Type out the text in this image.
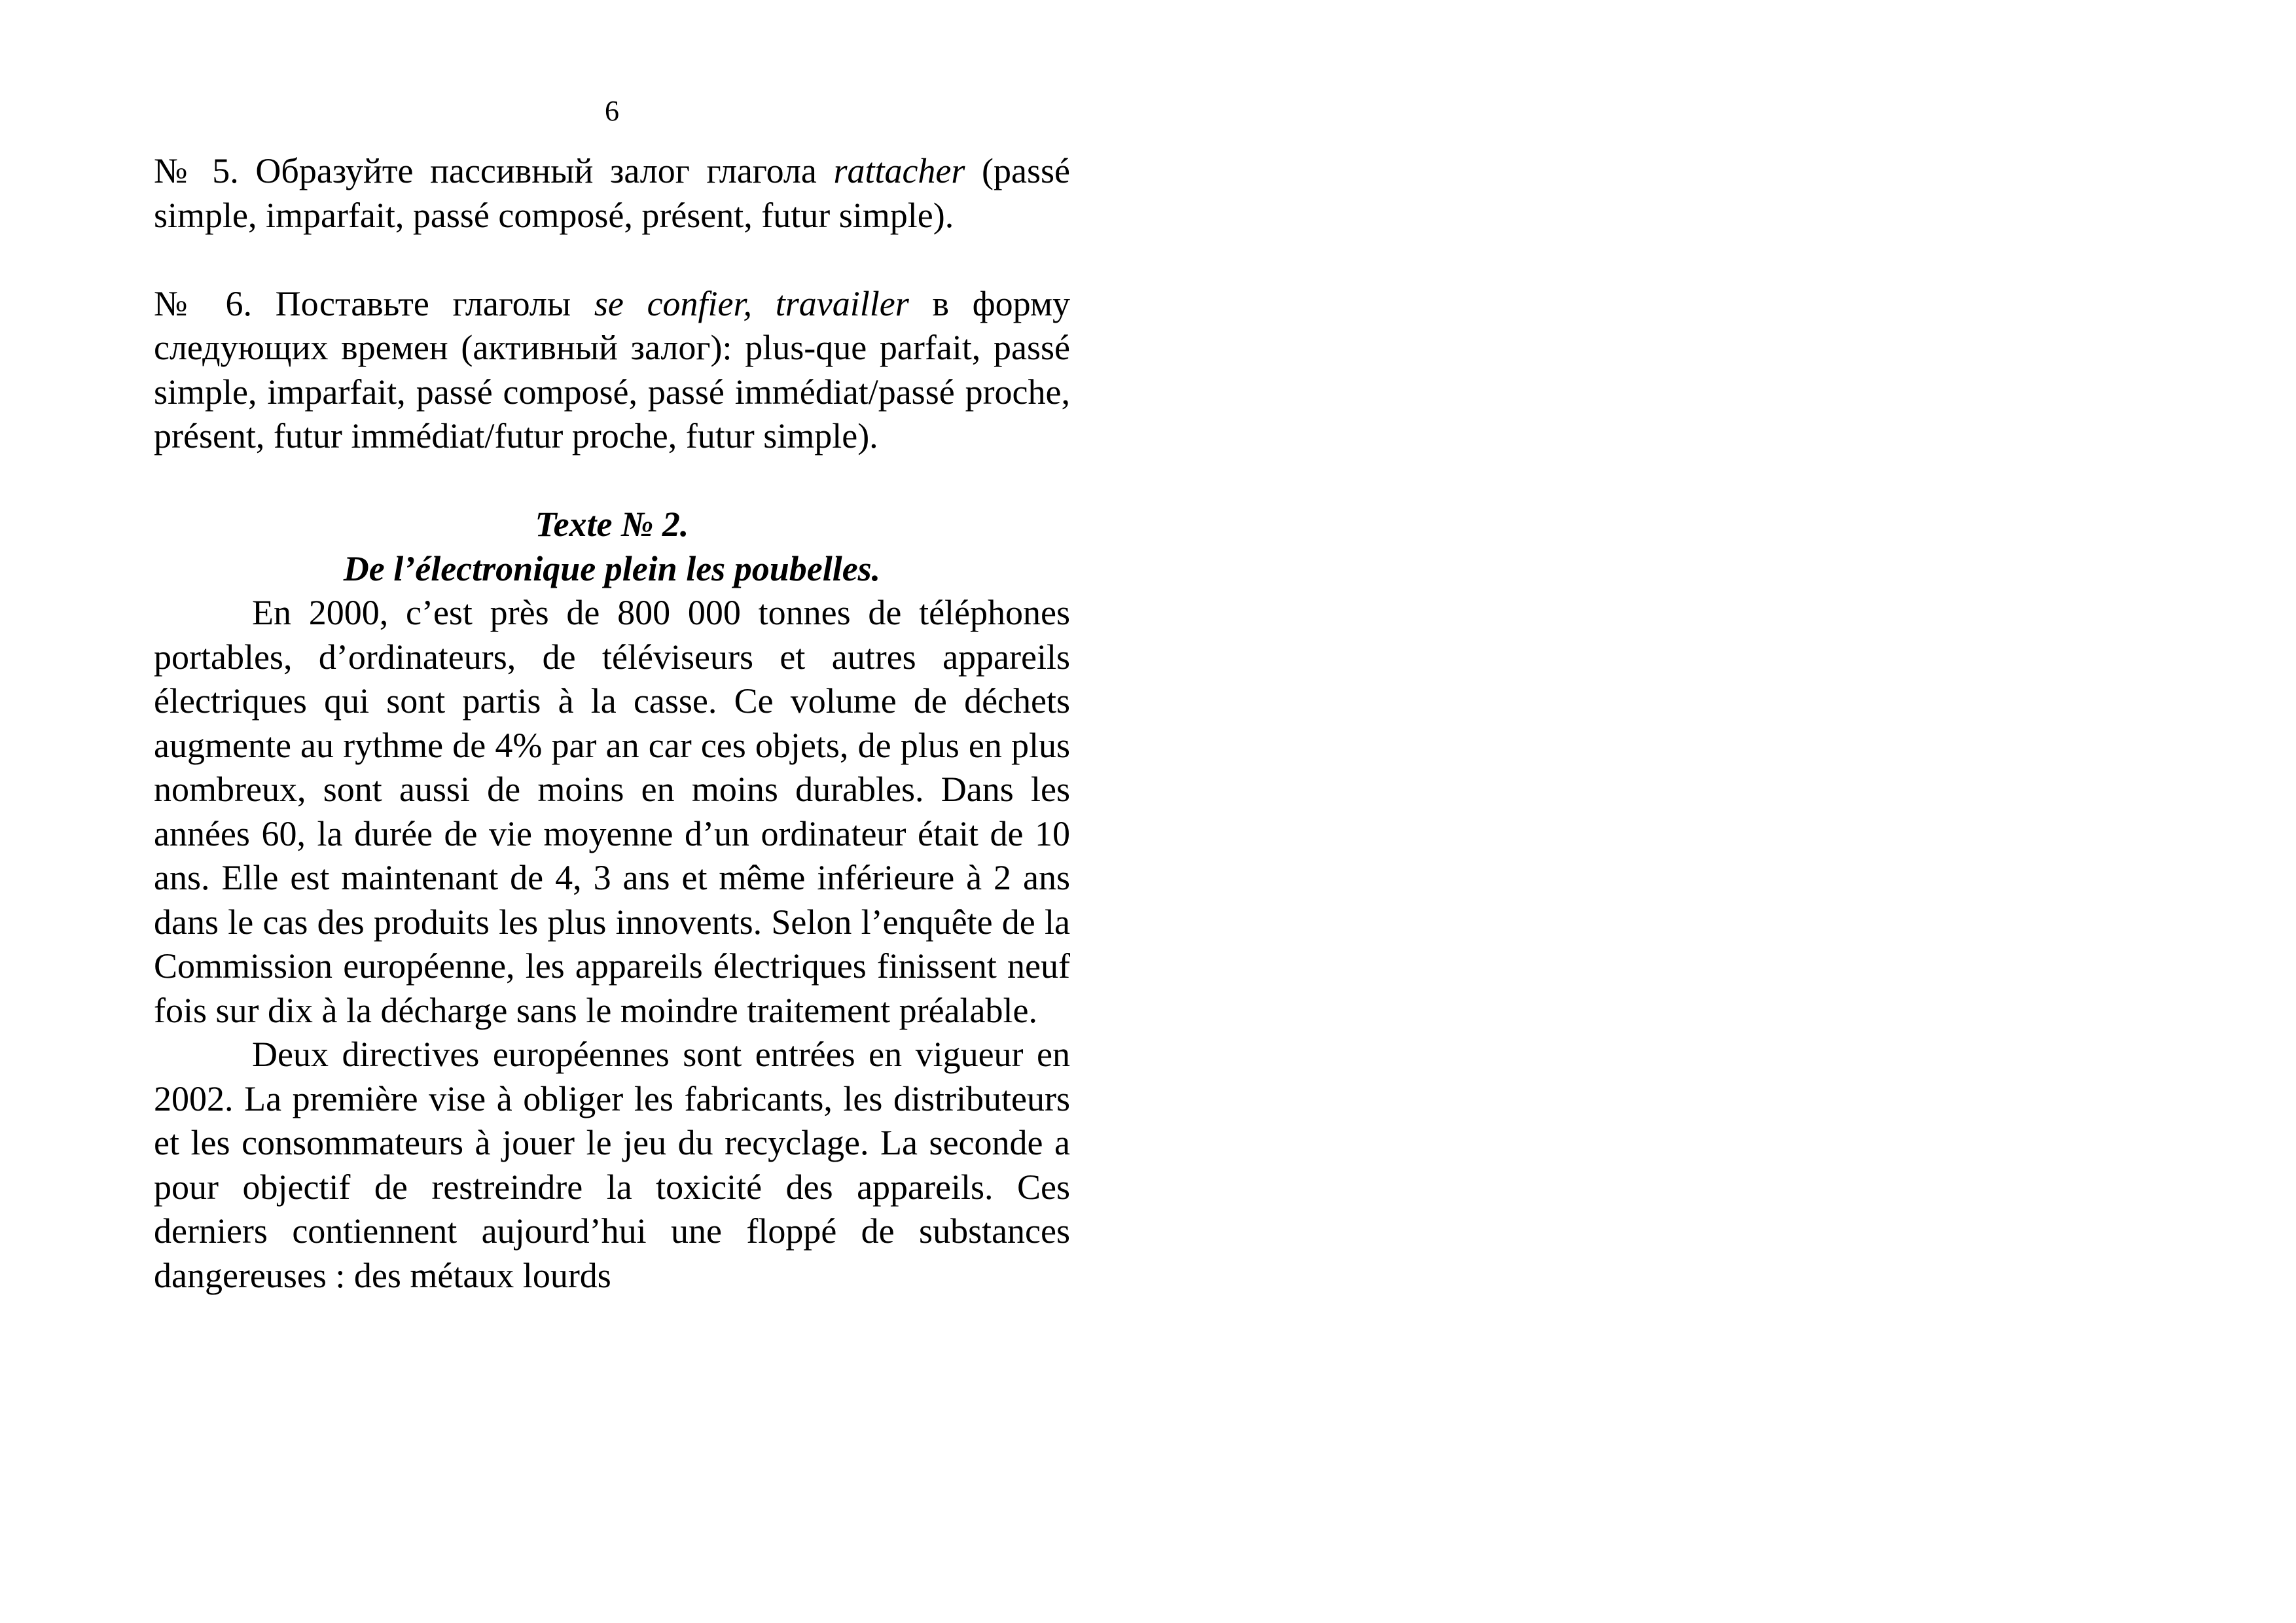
6

№ 5. Образуйте пассивный залог глагола rattacher (passé simple, imparfait, passé composé, présent, futur simple).

№ 6. Поставьте глаголы se confier, travailler в форму следующих времен (активный залог): plus-que parfait, passé simple, imparfait, passé composé, passé immédiat/passé proche, présent, futur immédiat/futur proche, futur simple).

Texte № 2.
De l’électronique plein les poubelles.

En 2000, c’est près de 800 000 tonnes de téléphones portables, d’ordinateurs, de téléviseurs et autres appareils électriques qui sont partis à la casse. Ce volume de déchets augmente au rythme de 4% par an car ces objets, de plus en plus nombreux, sont aussi de moins en moins durables. Dans les années 60, la durée de vie moyenne d’un ordinateur était de 10 ans. Elle est maintenant de 4, 3 ans et même inférieure à 2 ans dans le cas des produits les plus innovents. Selon l’enquête de la Commission européenne, les appareils électriques finissent neuf fois sur dix à la décharge sans le moindre traitement préalable.

Deux directives européennes sont entrées en vigueur en 2002. La première vise à obliger les fabricants, les distributeurs et les consommateurs à jouer le jeu du recyclage. La seconde a pour objectif de restreindre la toxicité des appareils. Ces derniers contiennent aujourd’hui une floppé de substances dangereuses : des métaux lourds
